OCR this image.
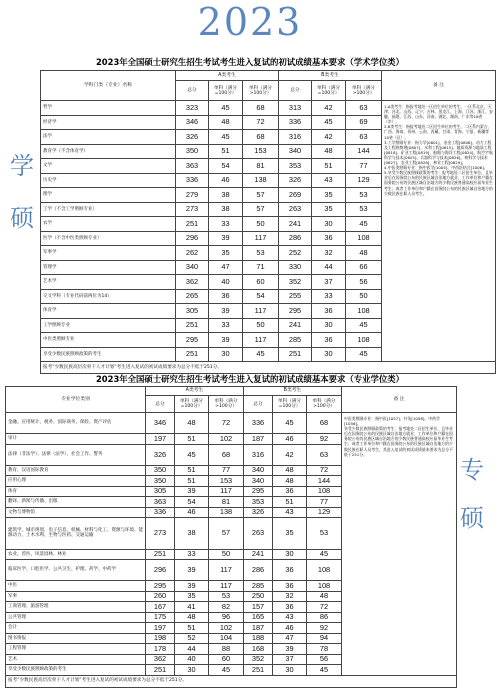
2023
学
硕
专
硕
2023年全国硕士研究生招生考试考生进入复试的初试成绩基本要求（学术学位类）
学科门类（专业）名称	A类考生			B类考生			备 注
	总分	单科（满分=100分）	单科（满分>100分）	总分	单科（满分=100分）	单科（满分>100分）	
哲学	323	45	68	313	42	63	1.A类考生：指报考地处一区招生单位的考生。一区系北京、天津、河北、山西、辽宁、吉林、黑龙江、上海、江苏、浙江、安徽、福建、江西、山东、河南、湖北、湖南、广东等18省（市）。
2.B类考生：指报考地处二区招生单位的考生。二区系内蒙古、广西、海南、贵州、云南、西藏、甘肃、青海、宁夏、新疆等10省（区）。
3.工学照顾专业：指力学[0801]、冶金工程[0806]、动力工程及工程热物理[0807]、水利工程[0815]、地质资源与地质工程[0818]、矿业工程[0819]、船舶与海洋工程[0824]、航空宇航科学与技术[0825]、兵器科学与技术[0826]、核科学与技术[0827]、农业工程[0828]、林业工程[0829]。
4.中医类照顾专业：指中医学[1005]、中西医结合[1006]。
5.享受少数民族照顾政策的考生：报考地处二区招生单位，且毕业后在国务院公布的民族区域自治地方就业，工作单位和户籍在国务院公布的民族区域自治地方的少数民族普通高校应届毕业生考生；或者工作单位和户籍在国务院公布的民族区域自治地方的少数民族在职人员考生。

经济学	346	48	72	336	45	69	
法学	326	45	68	316	42	63	
教育学（不含体育学）	350	51	153	340	48	144	
文学	363	54	81	353	51	77	
历史学	336	46	138	326	43	129	
理学	279	38	57	269	35	53	
工学（不含工学照顾专业）	273	38	57	263	35	53	
农学	251	33	50	241	30	45	
医学（不含中医类照顾专业）	296	39	117	286	36	108	
军事学	262	35	53	252	32	48	
管理学	340	47	71	330	44	66	
艺术学	362	40	60	352	37	56	
交叉学科（专业代码前两位为14）	265	36	54	255	33	50	
体育学	305	39	117	295	36	108	
工学照顾专业	251	33	50	241	30	45	
中医类照顾专业	295	39	117	285	36	108	
享受少数民族照顾政策的考生	251	30	45	251	30	45	
报考“少数民族高层次骨干人才计划”考生进入复试的初试成绩要求为总分不低于251分。							
2023年全国硕士研究生招生考试考生进入复试的初试成绩基本要求（专业学位类）
专业学位类别	A类考生			B类考生			备 注
	总分	单科（满分=100分）	单科（满分>100分）	总分	单科（满分=100分）	单科（满分>100分）	
金融、应用统计、税务、国际商务、保险、资产评估	346	48	72	336	45	68	中医类照顾专业：指中医[1057]、针灸[1058]、中药学[1056]。
享受少数民族照顾政策的考生：报考地处二区招生单位，且毕业后在国务院公布的民族区域自治地方就业，工作单位和户籍在国务院公布的民族区域自治地方的少数民族普通高校应届毕业生考生；或者工作单位和户籍在国务院公布的民族区域自治地方的少数民族在职人员考生，其进入复试的初试成绩基本要求为总分不低于251分。

审计	197	51	102	187	46	92	
法律（非法学）、法律（法学）、社会工作、警务	326	45	68	316	42	63	
教育、汉语国际教育	350	51	77	340	48	72	
应用心理	350	51	153	340	48	144	
体育	305	39	117	295	36	108	
翻译、新闻与传播、出版	363	54	81	353	51	77	
文物与博物馆	336	46	138	326	43	129	
建筑学、城市规划、电子信息、机械、材料与化工、资源与环境、能源动力、土木水利、生物与医药、交通运输	273	38	57	263	35	53	
农业、兽医、风景园林、林业	251	33	50	241	30	45	
临床医学、口腔医学、公共卫生、护理、药学、中药学	296	39	117	286	36	108	
中医	295	39	117	285	36	108	
军事	260	35	53	250	32	48	
工商管理、旅游管理	167	41	82	157	36	72	
公共管理	175	48	96	165	43	86	
会计	197	51	102	187	46	92	
图书情报	198	52	104	188	47	94	
工程管理	178	44	88	168	39	78	
艺术	362	40	60	352	37	56	
享受少数民族照顾政策的考生	251	30	45	251	30	45	
报考“少数民族高层次骨干人才计划”考生进入复试的初试成绩要求为总分不低于251分。							
